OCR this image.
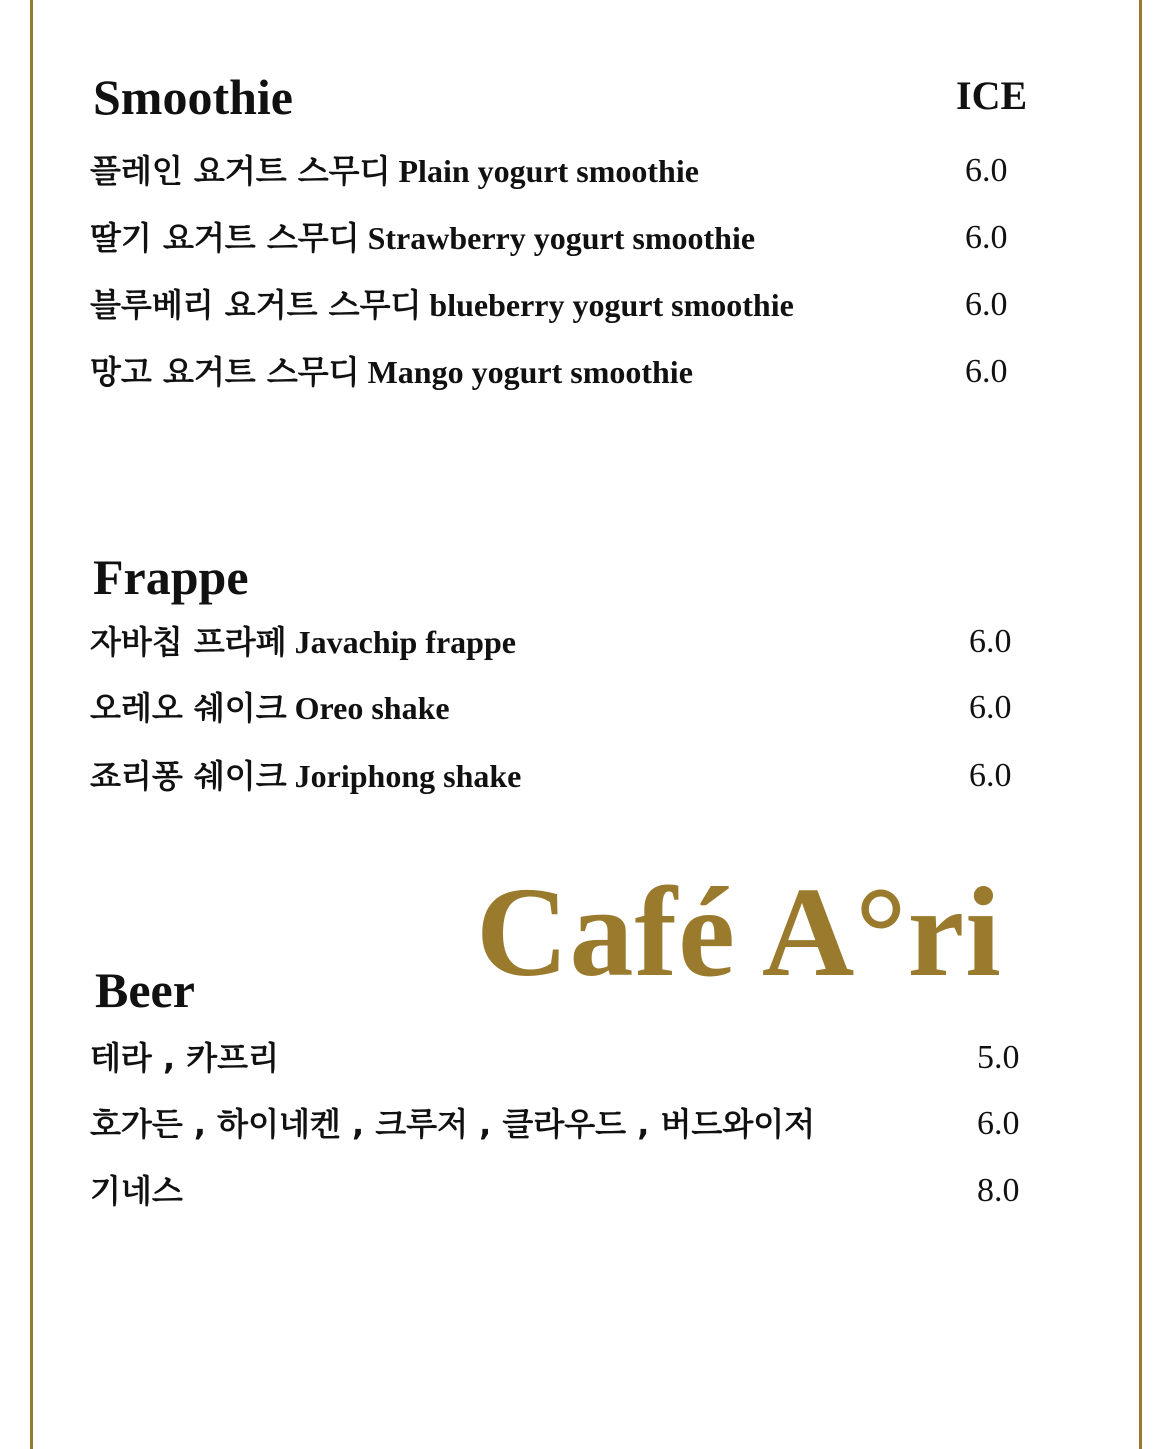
Smoothie	ICE
플레인 요거트 스무디 Plain yogurt smoothie	6.0
딸기 요거트 스무디 Strawberry yogurt smoothie	6.0
블루베리 요거트 스무디 blueberry yogurt smoothie	6.0
망고 요거트 스무디 Mango yogurt smoothie	6.0
Frappe
자바칩 프라페 Javachip frappe	6.0
오레오 쉐이크 Oreo shake	6.0
죠리퐁 쉐이크 Joriphong shake	6.0
Café A°ri
Beer
테라 , 카프리	5.0
호가든 , 하이네켄 , 크루저 , 클라우드 , 버드와이저	6.0
기네스	8.0
